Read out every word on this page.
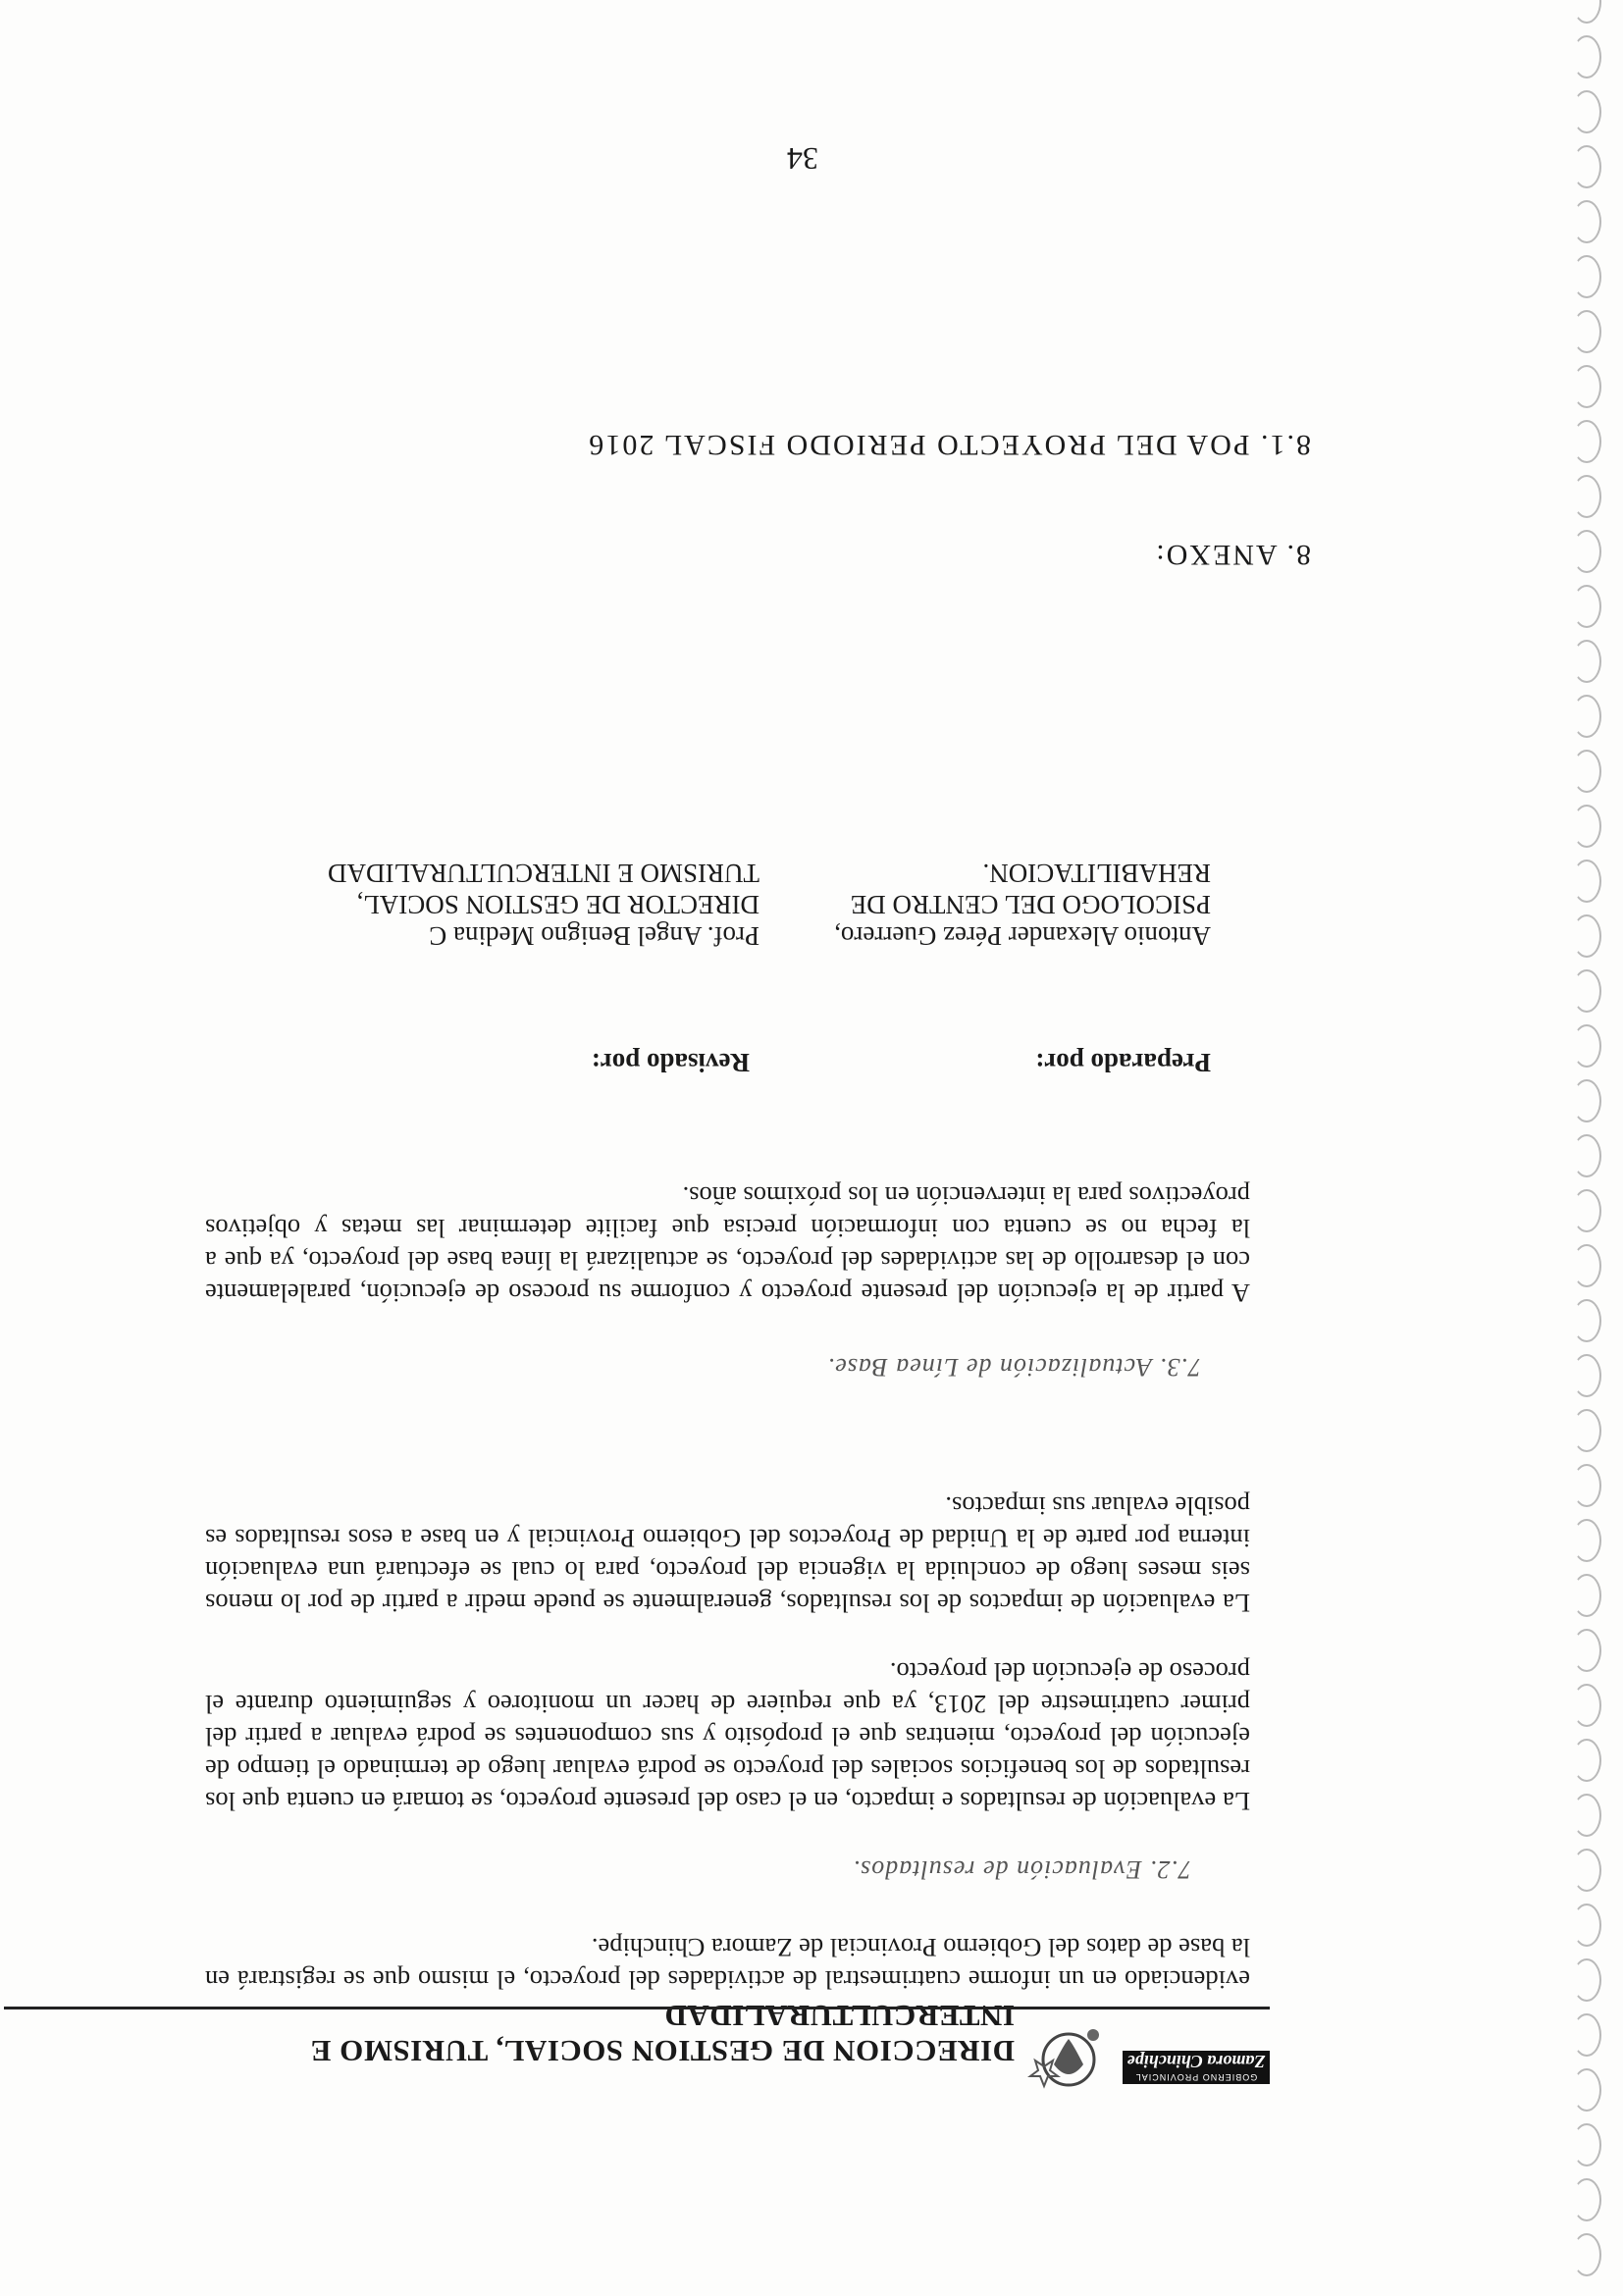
GOBIERNO PROVINCIAL
Zamora Chinchipe
DIRECCION DE GESTION SOCIAL, TURISMO E INTERCULTURALIDAD
evidenciado en un informe cuatrimestral de actividades del proyecto, el mismo que se registrará en la base de datos del Gobierno Provincial de Zamora Chinchipe.
7.2. Evaluación de resultados.
La evaluación de resultados e impacto, en el caso del presente proyecto, se tomará en cuenta que los resultados de los beneficios sociales del proyecto se podrá evaluar luego de terminado el tiempo de ejecución del proyecto, mientras que el propósito y sus componentes se podrá evaluar a partir del primer cuatrimestre del 2013, ya que requiere de hacer un monitoreo y seguimiento durante el proceso de ejecución del proyecto.
La evaluación de impactos de los resultados, generalmente se puede medir a partir de por lo menos seis meses luego de concluida la vigencia del proyecto, para lo cual se efectuará una evaluación interna por parte de la Unidad de Proyectos del Gobierno Provincial y en base a esos resultados es posible evaluar sus impactos.
7.3. Actualización de Línea Base.
A partir de la ejecución del presente proyecto y conforme su proceso de ejecución, paralelamente con el desarrollo de las actividades del proyecto, se actualizará la línea base del proyecto, ya que a la fecha no se cuenta con información precisa que facilite determinar las metas y objetivos proyectivos para la intervención en los próximos años.
Preparado por:
Antonio Alexander Pérez Guerrero,
PSICOLOGO DEL CENTRO DE
REHABILITACION.
Revisado por:
Prof. Angel Benigno Medina C
DIRECTOR DE GESTION SOCIAL,
TURISMO E INTERCULTURALIDAD
8. ANEXO:
8.1. POA DEL PROYECTO PERIODO FISCAL 2016
34
